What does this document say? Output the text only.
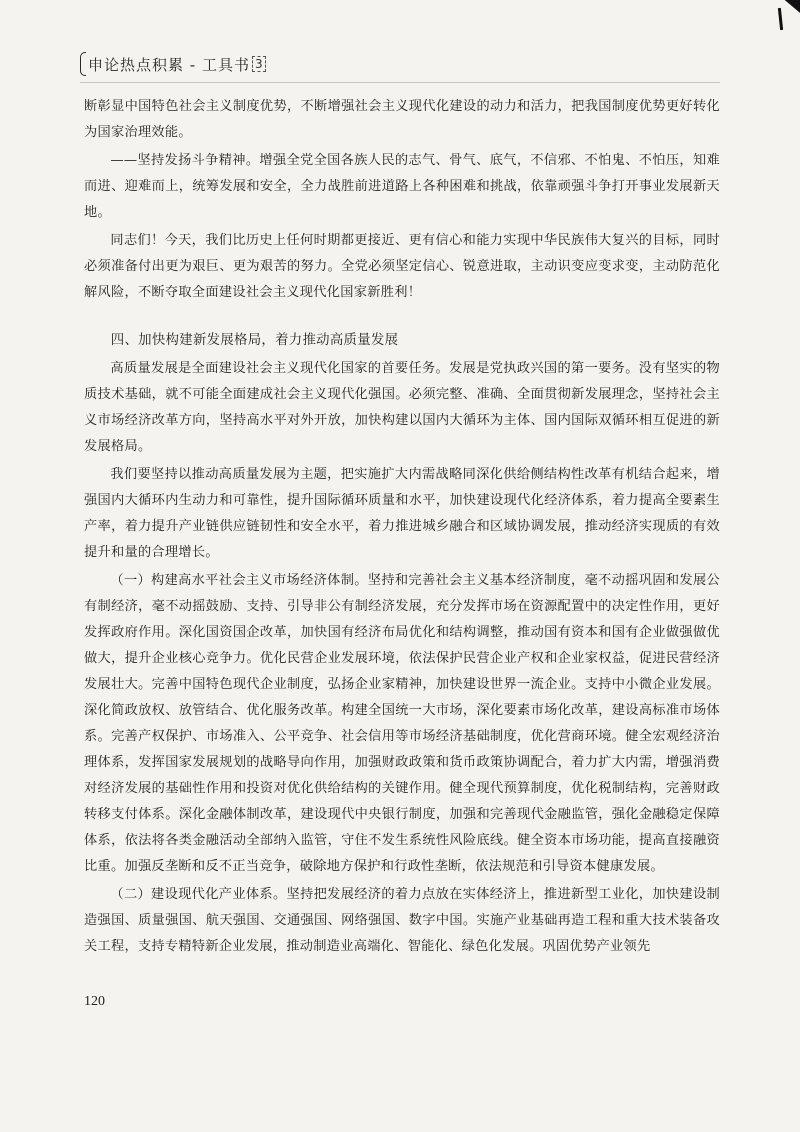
申论热点积累 - 工具书 3

断彰显中国特色社会主义制度优势，不断增强社会主义现代化建设的动力和活力，把我国制度优势更好转化为国家治理效能。

——坚持发扬斗争精神。增强全党全国各族人民的志气、骨气、底气，不信邪、不怕鬼、不怕压，知难而进、迎难而上，统筹发展和安全，全力战胜前进道路上各种困难和挑战，依靠顽强斗争打开事业发展新天地。

同志们！今天，我们比历史上任何时期都更接近、更有信心和能力实现中华民族伟大复兴的目标，同时必须准备付出更为艰巨、更为艰苦的努力。全党必须坚定信心、锐意进取，主动识变应变求变，主动防范化解风险，不断夺取全面建设社会主义现代化国家新胜利！

四、加快构建新发展格局，着力推动高质量发展

高质量发展是全面建设社会主义现代化国家的首要任务。发展是党执政兴国的第一要务。没有坚实的物质技术基础，就不可能全面建成社会主义现代化强国。必须完整、准确、全面贯彻新发展理念，坚持社会主义市场经济改革方向，坚持高水平对外开放，加快构建以国内大循环为主体、国内国际双循环相互促进的新发展格局。

我们要坚持以推动高质量发展为主题，把实施扩大内需战略同深化供给侧结构性改革有机结合起来，增强国内大循环内生动力和可靠性，提升国际循环质量和水平，加快建设现代化经济体系，着力提高全要素生产率，着力提升产业链供应链韧性和安全水平，着力推进城乡融合和区域协调发展，推动经济实现质的有效提升和量的合理增长。

（一）构建高水平社会主义市场经济体制。坚持和完善社会主义基本经济制度，毫不动摇巩固和发展公有制经济，毫不动摇鼓励、支持、引导非公有制经济发展，充分发挥市场在资源配置中的决定性作用，更好发挥政府作用。深化国资国企改革，加快国有经济布局优化和结构调整，推动国有资本和国有企业做强做优做大，提升企业核心竞争力。优化民营企业发展环境，依法保护民营企业产权和企业家权益，促进民营经济发展壮大。完善中国特色现代企业制度，弘扬企业家精神，加快建设世界一流企业。支持中小微企业发展。深化简政放权、放管结合、优化服务改革。构建全国统一大市场，深化要素市场化改革，建设高标准市场体系。完善产权保护、市场准入、公平竞争、社会信用等市场经济基础制度，优化营商环境。健全宏观经济治理体系，发挥国家发展规划的战略导向作用，加强财政政策和货币政策协调配合，着力扩大内需，增强消费对经济发展的基础性作用和投资对优化供给结构的关键作用。健全现代预算制度，优化税制结构，完善财政转移支付体系。深化金融体制改革，建设现代中央银行制度，加强和完善现代金融监管，强化金融稳定保障体系，依法将各类金融活动全部纳入监管，守住不发生系统性风险底线。健全资本市场功能，提高直接融资比重。加强反垄断和反不正当竞争，破除地方保护和行政性垄断，依法规范和引导资本健康发展。

（二）建设现代化产业体系。坚持把发展经济的着力点放在实体经济上，推进新型工业化，加快建设制造强国、质量强国、航天强国、交通强国、网络强国、数字中国。实施产业基础再造工程和重大技术装备攻关工程，支持专精特新企业发展，推动制造业高端化、智能化、绿色化发展。巩固优势产业领先

120
